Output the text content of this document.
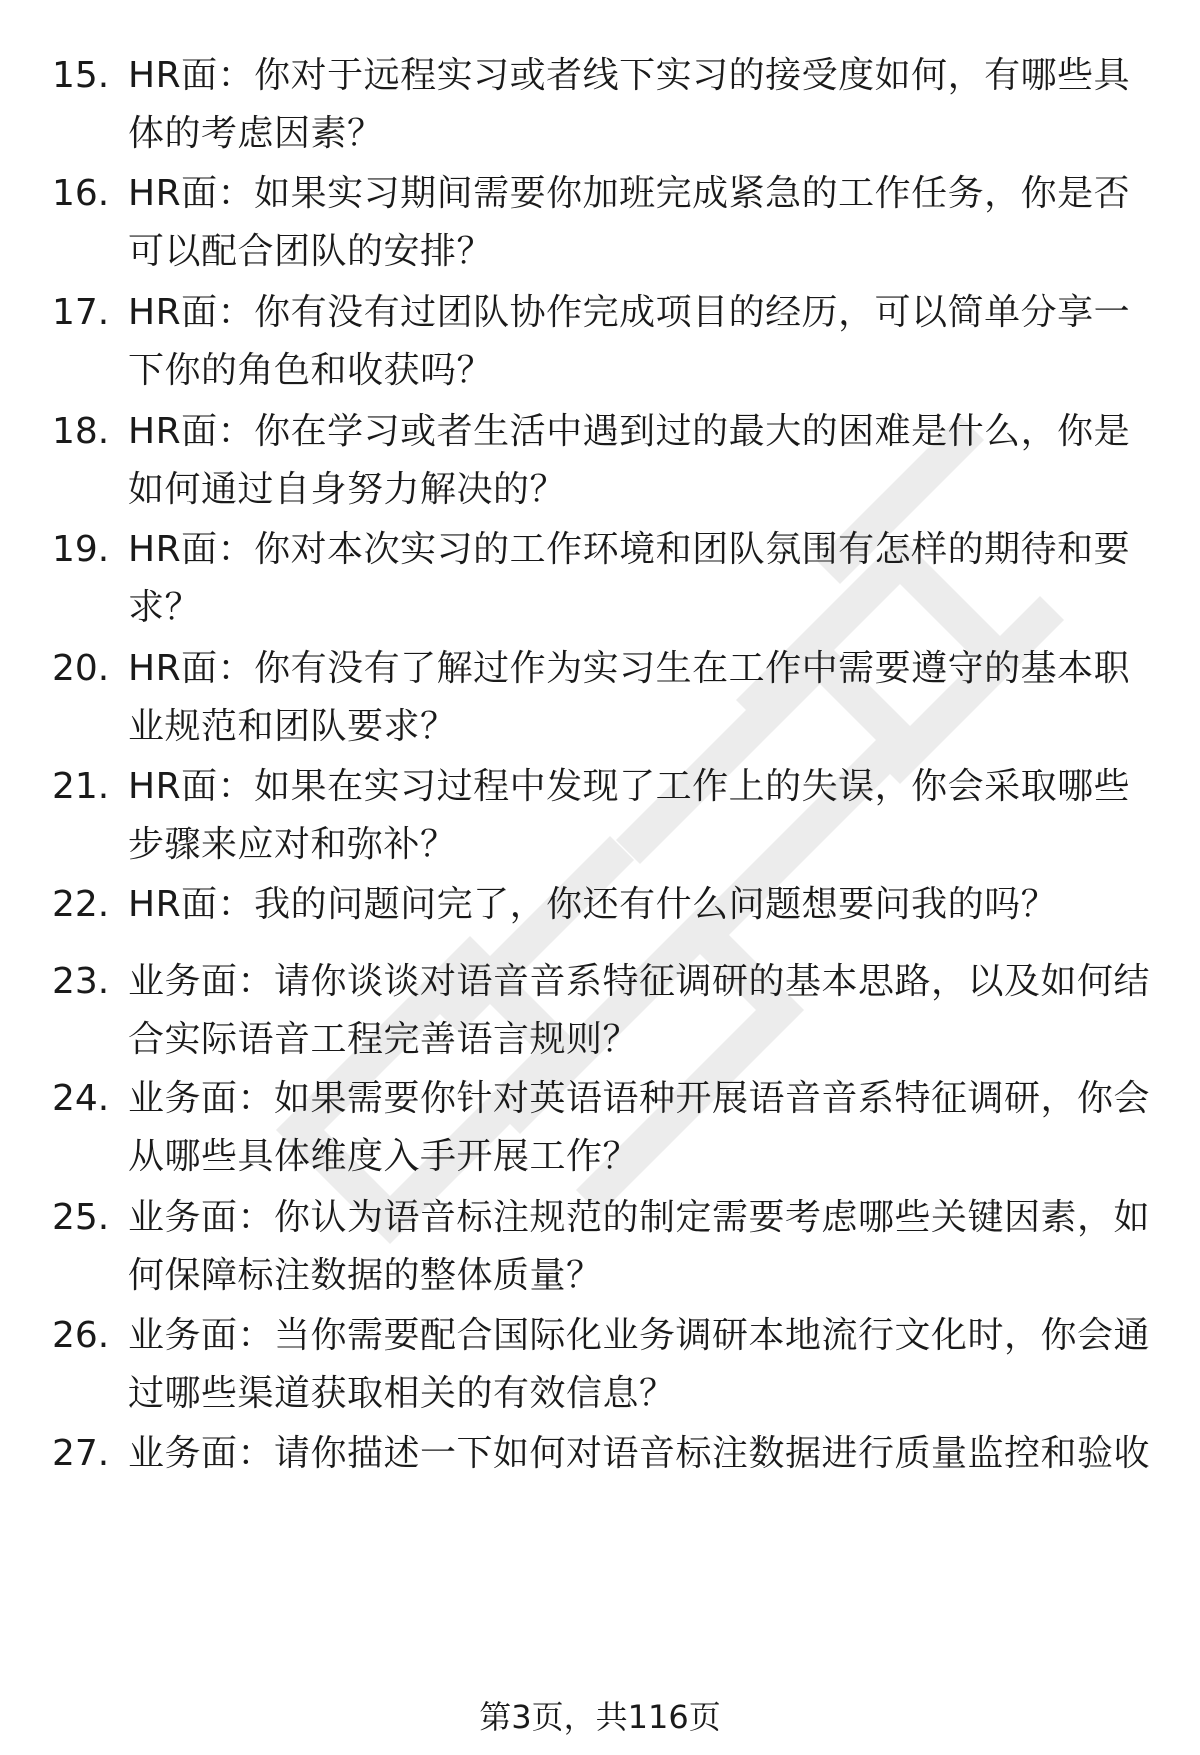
15. HR面：你对于远程实习或者线下实习的接受度如何，有哪些具体的考虑因素？
16. HR面：如果实习期间需要你加班完成紧急的工作任务，你是否可以配合团队的安排？
17. HR面：你有没有过团队协作完成项目的经历，可以简单分享一下你的角色和收获吗？
18. HR面：你在学习或者生活中遇到过的最大的困难是什么，你是如何通过自身努力解决的？
19. HR面：你对本次实习的工作环境和团队氛围有怎样的期待和要求？
20. HR面：你有没有了解过作为实习生在工作中需要遵守的基本职业规范和团队要求？
21. HR面：如果在实习过程中发现了工作上的失误，你会采取哪些步骤来应对和弥补？
22. HR面：我的问题问完了，你还有什么问题想要问我的吗？
23. 业务面：请你谈谈对语音音系特征调研的基本思路，以及如何结合实际语音工程完善语言规则？
24. 业务面：如果需要你针对英语语种开展语音音系特征调研，你会从哪些具体维度入手开展工作？
25. 业务面：你认为语音标注规范的制定需要考虑哪些关键因素，如何保障标注数据的整体质量？
26. 业务面：当你需要配合国际化业务调研本地流行文化时，你会通过哪些渠道获取相关的有效信息？
27. 业务面：请你描述一下如何对语音标注数据进行质量监控和验收
第3页，共116页
